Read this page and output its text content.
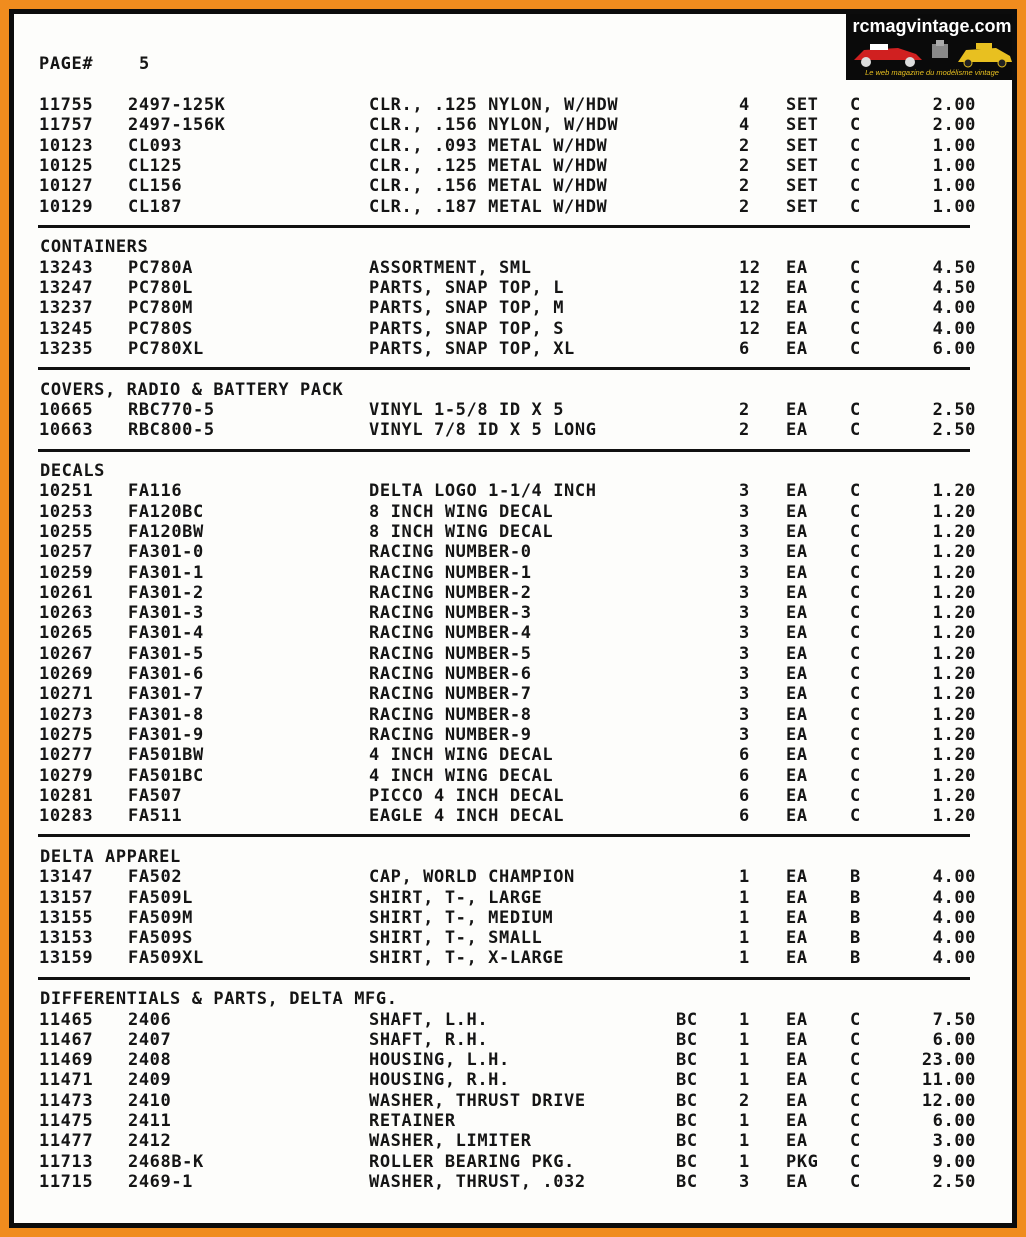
rcmagvintage.com
Le web magazine du modélisme vintage
PAGE#	5
11755 2497-125K	CLR., .125 NYLON, W/HDW	4 SET C	2.00
11757 2497-156K	CLR., .156 NYLON, W/HDW	4 SET C	2.00
10123 CL093	CLR., .093 METAL W/HDW	2 SET C	1.00
10125 CL125	CLR., .125 METAL W/HDW	2 SET C	1.00
10127 CL156	CLR., .156 METAL W/HDW	2 SET C	1.00
10129 CL187	CLR., .187 METAL W/HDW	2 SET C	1.00
CONTAINERS
13243 PC780A	ASSORTMENT, SML	12 EA C	4.50
13247 PC780L	PARTS, SNAP TOP, L	12 EA C	4.50
13237 PC780M	PARTS, SNAP TOP, M	12 EA C	4.00
13245 PC780S	PARTS, SNAP TOP, S	12 EA C	4.00
13235 PC780XL	PARTS, SNAP TOP, XL	6 EA C	6.00
COVERS, RADIO & BATTERY PACK
10665 RBC770-5	VINYL 1-5/8 ID X 5	2 EA C	2.50
10663 RBC800-5	VINYL 7/8 ID X 5 LONG	2 EA C	2.50
DECALS
10251 FA116	DELTA LOGO 1-1/4 INCH	3 EA C	1.20
10253 FA120BC	8 INCH WING DECAL	3 EA C	1.20
10255 FA120BW	8 INCH WING DECAL	3 EA C	1.20
10257 FA301-0	RACING NUMBER-0	3 EA C	1.20
10259 FA301-1	RACING NUMBER-1	3 EA C	1.20
10261 FA301-2	RACING NUMBER-2	3 EA C	1.20
10263 FA301-3	RACING NUMBER-3	3 EA C	1.20
10265 FA301-4	RACING NUMBER-4	3 EA C	1.20
10267 FA301-5	RACING NUMBER-5	3 EA C	1.20
10269 FA301-6	RACING NUMBER-6	3 EA C	1.20
10271 FA301-7	RACING NUMBER-7	3 EA C	1.20
10273 FA301-8	RACING NUMBER-8	3 EA C	1.20
10275 FA301-9	RACING NUMBER-9	3 EA C	1.20
10277 FA501BW	4 INCH WING DECAL	6 EA C	1.20
10279 FA501BC	4 INCH WING DECAL	6 EA C	1.20
10281 FA507	PICCO 4 INCH DECAL	6 EA C	1.20
10283 FA511	EAGLE 4 INCH DECAL	6 EA C	1.20
DELTA APPAREL
13147 FA502	CAP, WORLD CHAMPION	1 EA B	4.00
13157 FA509L	SHIRT, T-, LARGE	1 EA B	4.00
13155 FA509M	SHIRT, T-, MEDIUM	1 EA B	4.00
13153 FA509S	SHIRT, T-, SMALL	1 EA B	4.00
13159 FA509XL	SHIRT, T-, X-LARGE	1 EA B	4.00
DIFFERENTIALS & PARTS, DELTA MFG.
11465 2406	SHAFT, L.H.	BC 1 EA C	7.50
11467 2407	SHAFT, R.H.	BC 1 EA C	6.00
11469 2408	HOUSING, L.H.	BC 1 EA C	23.00
11471 2409	HOUSING, R.H.	BC 1 EA C	11.00
11473 2410	WASHER, THRUST DRIVE	BC 2 EA C	12.00
11475 2411	RETAINER	BC 1 EA C	6.00
11477 2412	WASHER, LIMITER	BC 1 EA C	3.00
11713 2468B-K	ROLLER BEARING PKG.	BC 1 PKG C	9.00
11715 2469-1	WASHER, THRUST, .032	BC 3 EA C	2.50
